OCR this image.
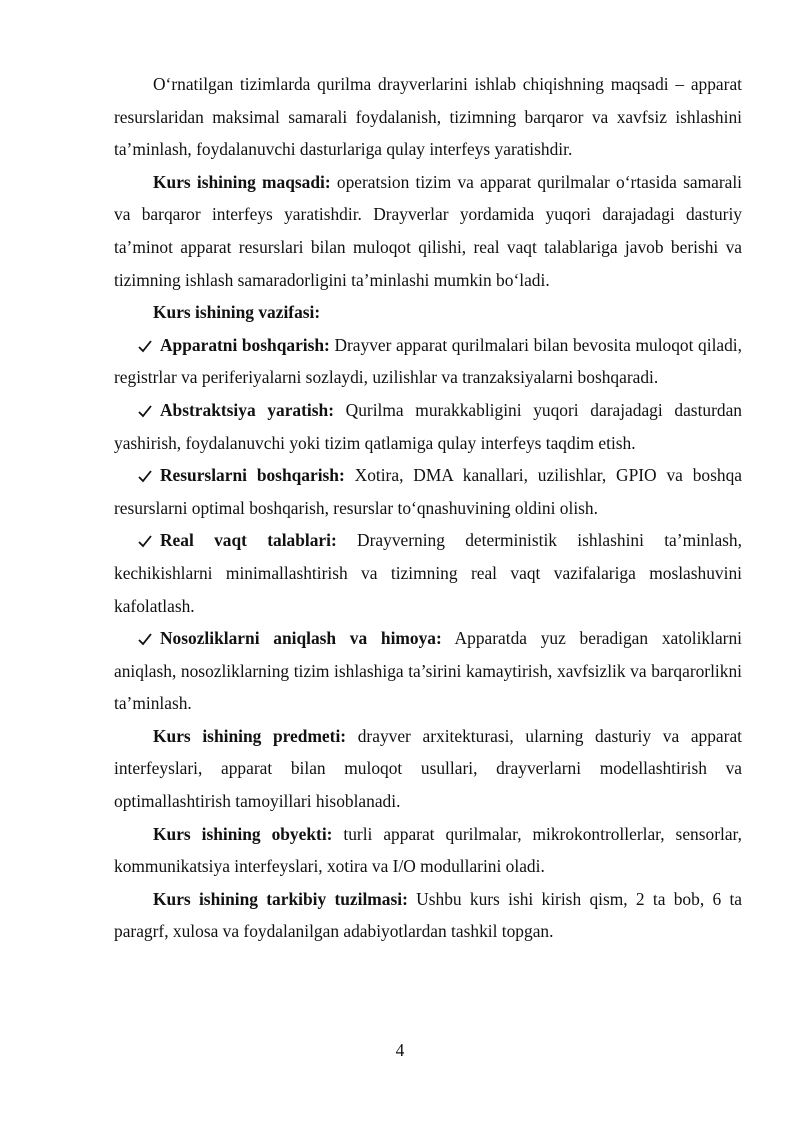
O‘rnatilgan tizimlarda qurilma drayverlarini ishlab chiqishning maqsadi – apparat resurslaridan maksimal samarali foydalanish, tizimning barqaror va xavfsiz ishlashini ta’minlash, foydalanuvchi dasturlariga qulay interfeys yaratishdir.

Kurs ishining maqsadi: operatsion tizim va apparat qurilmalar o‘rtasida samarali va barqaror interfeys yaratishdir. Drayverlar yordamida yuqori darajadagi dasturiy ta’minot apparat resurslari bilan muloqot qilishi, real vaqt talablariga javob berishi va tizimning ishlash samaradorligini ta’minlashi mumkin bo‘ladi.

Kurs ishining vazifasi:

Apparatni boshqarish: Drayver apparat qurilmalari bilan bevosita muloqot qiladi, registrlar va periferiyalarni sozlaydi, uzilishlar va tranzaksiyalarni boshqaradi.

Abstraktsiya yaratish: Qurilma murakkabligini yuqori darajadagi dasturdan yashirish, foydalanuvchi yoki tizim qatlamiga qulay interfeys taqdim etish.

Resurslarni boshqarish: Xotira, DMA kanallari, uzilishlar, GPIO va boshqa resurslarni optimal boshqarish, resurslar to‘qnashuvining oldini olish.

Real vaqt talablari: Drayverning deterministik ishlashini ta’minlash, kechikishlarni minimallashtirish va tizimning real vaqt vazifalariga moslashuvini kafolatlash.

Nosozliklarni aniqlash va himoya: Apparatda yuz beradigan xatoliklarni aniqlash, nosozliklarning tizim ishlashiga ta’sirini kamaytirish, xavfsizlik va barqarorlikni ta’minlash.

Kurs ishining predmeti: drayver arxitekturasi, ularning dasturiy va apparat interfeyslari, apparat bilan muloqot usullari, drayverlarni modellashtirish va optimallashtirish tamoyillari hisoblanadi.

Kurs ishining obyekti: turli apparat qurilmalar, mikrokontrollerlar, sensorlar, kommunikatsiya interfeyslari, xotira va I/O modullarini oladi.

Kurs ishining tarkibiy tuzilmasi: Ushbu kurs ishi kirish qism, 2 ta bob, 6 ta paragrf, xulosa va foydalanilgan adabiyotlardan tashkil topgan.

4
